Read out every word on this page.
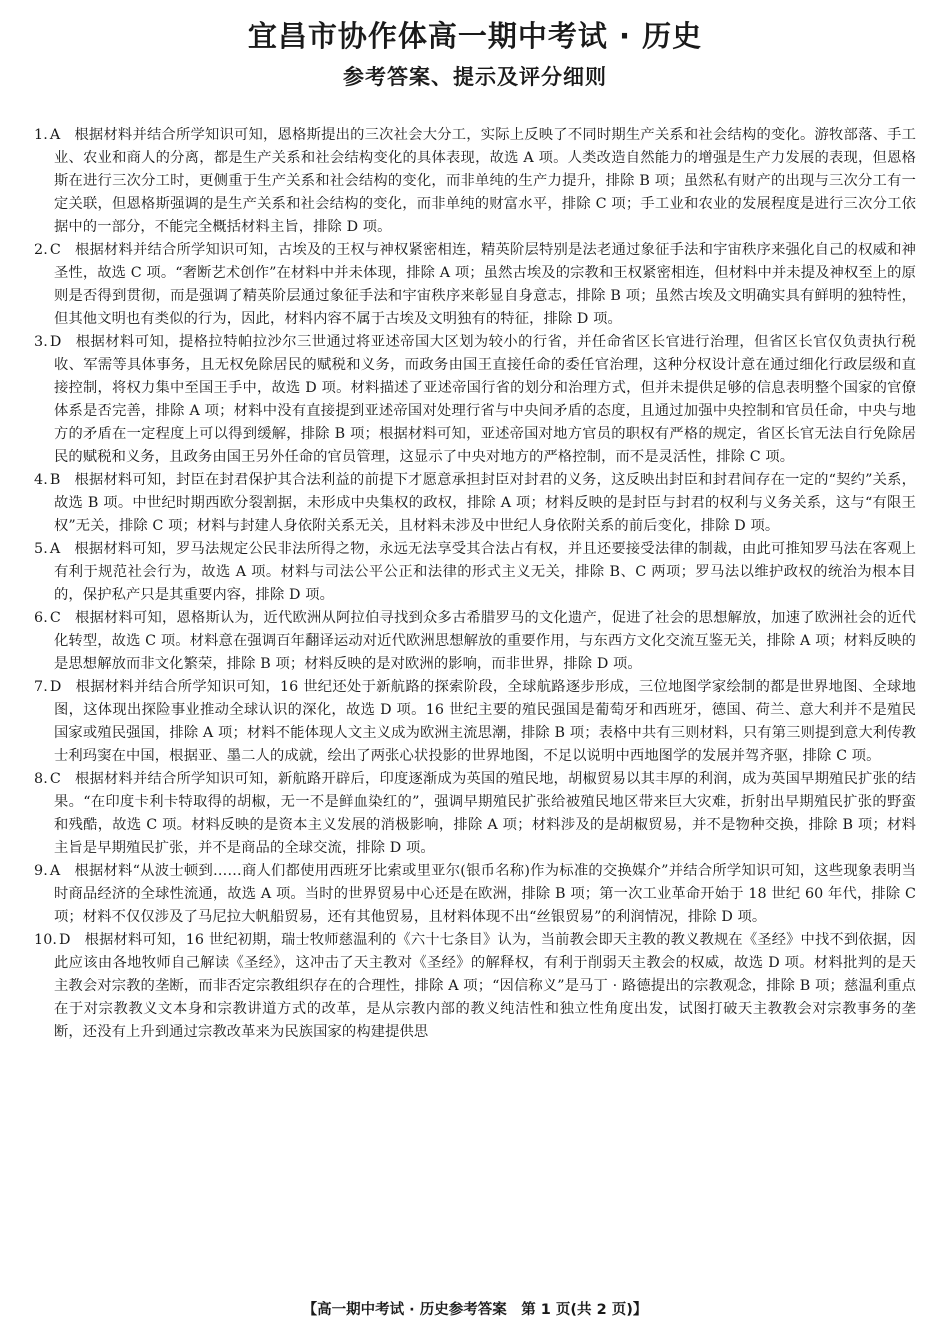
宜昌市协作体高一期中考试 · 历史
参考答案、提示及评分细则

1. A 根据材料并结合所学知识可知，恩格斯提出的三次社会大分工，实际上反映了不同时期生产关系和社会结构的变化。游牧部落、手工业、农业和商人的分离，都是生产关系和社会结构变化的具体表现，故选 A 项。人类改造自然能力的增强是生产力发展的表现，但恩格斯在进行三次分工时，更侧重于生产关系和社会结构的变化，而非单纯的生产力提升，排除 B 项；虽然私有财产的出现与三次分工有一定关联，但恩格斯强调的是生产关系和社会结构的变化，而非单纯的财富水平，排除 C 项；手工业和农业的发展程度是进行三次分工依据中的一部分，不能完全概括材料主旨，排除 D 项。

2. C 根据材料并结合所学知识可知，古埃及的王权与神权紧密相连，精英阶层特别是法老通过象征手法和宇宙秩序来强化自己的权威和神圣性，故选 C 项。“奢断艺术创作”在材料中并未体现，排除 A 项；虽然古埃及的宗教和王权紧密相连，但材料中并未提及神权至上的原则是否得到贯彻，而是强调了精英阶层通过象征手法和宇宙秩序来彰显自身意志，排除 B 项；虽然古埃及文明确实具有鲜明的独特性，但其他文明也有类似的行为，因此，材料内容不属于古埃及文明独有的特征，排除 D 项。

3. D 根据材料可知，提格拉特帕拉沙尔三世通过将亚述帝国大区划为较小的行省，并任命省区长官进行治理，但省区长官仅负责执行税收、军需等具体事务，且无权免除居民的赋税和义务，而政务由国王直接任命的委任官治理，这种分权设计意在通过细化行政层级和直接控制，将权力集中至国王手中，故选 D 项。材料描述了亚述帝国行省的划分和治理方式，但并未提供足够的信息表明整个国家的官僚体系是否完善，排除 A 项；材料中没有直接提到亚述帝国对处理行省与中央间矛盾的态度，且通过加强中央控制和官员任命，中央与地方的矛盾在一定程度上可以得到缓解，排除 B 项；根据材料可知，亚述帝国对地方官员的职权有严格的规定，省区长官无法自行免除居民的赋税和义务，且政务由国王另外任命的官员管理，这显示了中央对地方的严格控制，而不是灵活性，排除 C 项。

4. B 根据材料可知，封臣在封君保护其合法利益的前提下才愿意承担封臣对封君的义务，这反映出封臣和封君间存在一定的“契约”关系，故选 B 项。中世纪时期西欧分裂割据，未形成中央集权的政权，排除 A 项；材料反映的是封臣与封君的权利与义务关系，这与“有限王权”无关，排除 C 项；材料与封建人身依附关系无关，且材料未涉及中世纪人身依附关系的前后变化，排除 D 项。

5. A 根据材料可知，罗马法规定公民非法所得之物，永远无法享受其合法占有权，并且还要接受法律的制裁，由此可推知罗马法在客观上有利于规范社会行为，故选 A 项。材料与司法公平公正和法律的形式主义无关，排除 B、C 两项；罗马法以维护政权的统治为根本目的，保护私产只是其重要内容，排除 D 项。

6. C 根据材料可知，恩格斯认为，近代欧洲从阿拉伯寻找到众多古希腊罗马的文化遗产，促进了社会的思想解放，加速了欧洲社会的近代化转型，故选 C 项。材料意在强调百年翻译运动对近代欧洲思想解放的重要作用，与东西方文化交流互鉴无关，排除 A 项；材料反映的是思想解放而非文化繁荣，排除 B 项；材料反映的是对欧洲的影响，而非世界，排除 D 项。

7. D 根据材料并结合所学知识可知，16 世纪还处于新航路的探索阶段，全球航路逐步形成，三位地图学家绘制的都是世界地图、全球地图，这体现出探险事业推动全球认识的深化，故选 D 项。16 世纪主要的殖民强国是葡萄牙和西班牙，德国、荷兰、意大利并不是殖民国家或殖民强国，排除 A 项；材料不能体现人文主义成为欧洲主流思潮，排除 B 项；表格中共有三则材料，只有第三则提到意大利传教士利玛窦在中国，根据亚、墨二人的成就，绘出了两张心状投影的世界地图，不足以说明中西地图学的发展并驾齐驱，排除 C 项。

8. C 根据材料并结合所学知识可知，新航路开辟后，印度逐渐成为英国的殖民地，胡椒贸易以其丰厚的利润，成为英国早期殖民扩张的结果。“在印度卡利卡特取得的胡椒，无一不是鲜血染红的”，强调早期殖民扩张给被殖民地区带来巨大灾难，折射出早期殖民扩张的野蛮和残酷，故选 C 项。材料反映的是资本主义发展的消极影响，排除 A 项；材料涉及的是胡椒贸易，并不是物种交换，排除 B 项；材料主旨是早期殖民扩张，并不是商品的全球交流，排除 D 项。

9. A 根据材料“从波士顿到……商人们都使用西班牙比索或里亚尔(银币名称)作为标准的交换媒介”并结合所学知识可知，这些现象表明当时商品经济的全球性流通，故选 A 项。当时的世界贸易中心还是在欧洲，排除 B 项；第一次工业革命开始于 18 世纪 60 年代，排除 C 项；材料不仅仅涉及了马尼拉大帆船贸易，还有其他贸易，且材料体现不出“丝银贸易”的利润情况，排除 D 项。

10. D 根据材料可知，16 世纪初期，瑞士牧师慈温利的《六十七条目》认为，当前教会即天主教的教义教规在《圣经》中找不到依据，因此应该由各地牧师自己解读《圣经》，这冲击了天主教对《圣经》的解释权，有利于削弱天主教会的权威，故选 D 项。材料批判的是天主教会对宗教的垄断，而非否定宗教组织存在的合理性，排除 A 项；“因信称义”是马丁 · 路德提出的宗教观念，排除 B 项；慈温利重点在于对宗教教义文本身和宗教讲道方式的改革，是从宗教内部的教义纯洁性和独立性角度出发，试图打破天主教教会对宗教事务的垄断，还没有上升到通过宗教改革来为民族国家的构建提供思

【高一期中考试 · 历史参考答案　第 1 页(共 2 页)】
